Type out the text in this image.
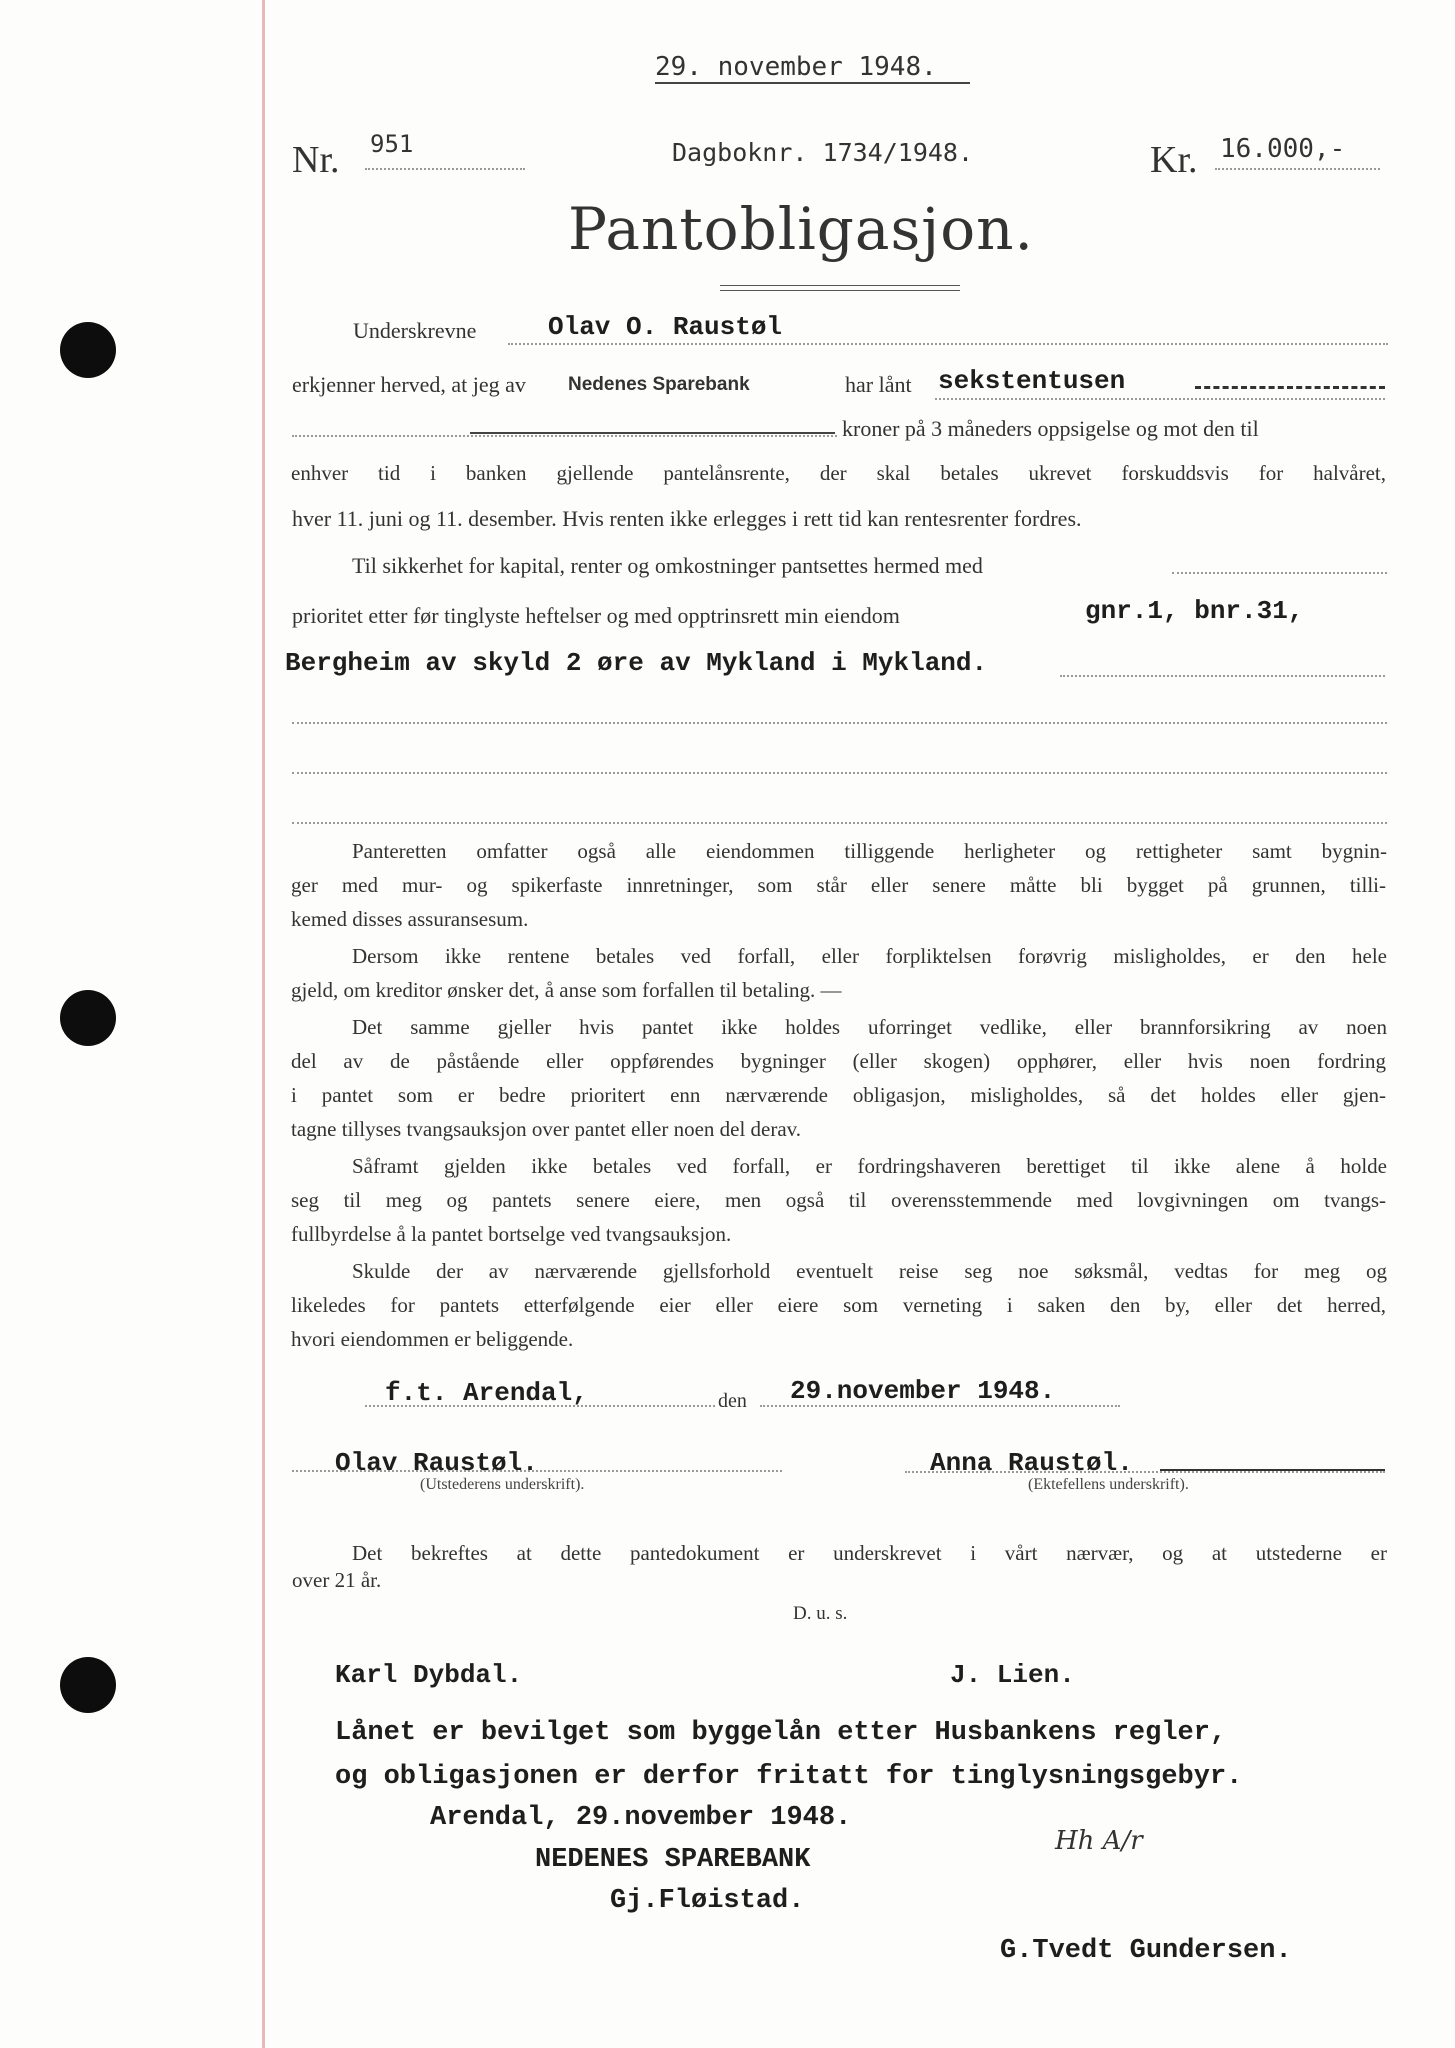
29. november 1948.
Nr. 951	Dagboknr. 1734/1948.	Kr. 16.000,-
Pantobligasjon.
Underskrevne	Olav O. Raustøl
erkjenner herved, at jeg av Nedenes Sparebank	har lånt sekstentusen
kroner på 3 måneders oppsigelse og mot den til
enhver tid i banken gjellende pantelånsrente, der skal betales ukrevet forskuddsvis for halvåret,
hver 11. juni og 11. desember. Hvis renten ikke erlegges i rett tid kan rentesrenter fordres.
Til sikkerhet for kapital, renter og omkostninger pantsettes hermed med
prioritet etter før tinglyste heftelser og med opptrinsrett min eiendom	gnr.1, bnr.31,
Bergheim av skyld 2 øre av Mykland i Mykland.
Panteretten omfatter også alle eiendommen tilliggende herligheter og rettigheter samt bygnin-
ger med mur- og spikerfaste innretninger, som står eller senere måtte bli bygget på grunnen, tilli-
kemed disses assuransesum.
Dersom ikke rentene betales ved forfall, eller forpliktelsen forøvrig misligholdes, er den hele
gjeld, om kreditor ønsker det, å anse som forfallen til betaling. —
Det samme gjeller hvis pantet ikke holdes uforringet vedlike, eller brannforsikring av noen
del av de påstående eller oppførendes bygninger (eller skogen) opphører, eller hvis noen fordring
i pantet som er bedre prioritert enn nærværende obligasjon, misligholdes, så det holdes eller gjen-
tagne tillyses tvangsauksjon over pantet eller noen del derav.
Såframt gjelden ikke betales ved forfall, er fordringshaveren berettiget til ikke alene å holde
seg til meg og pantets senere eiere, men også til overensstemmende med lovgivningen om tvangs-
fullbyrdelse å la pantet bortselge ved tvangsauksjon.
Skulde der av nærværende gjellsforhold eventuelt reise seg noe søksmål, vedtas for meg og
likeledes for pantets etterfølgende eier eller eiere som verneting i saken den by, eller det herred,
hvori eiendommen er beliggende.
f.t. Arendal,	den 29.november 1948.
Olav Raustøl.
(Utstederens underskrift).
Anna Raustøl.
(Ektefellens underskrift).
Det bekreftes at dette pantedokument er underskrevet i vårt nærvær, og at utstederne er
over 21 år.
D. u. s.
Karl Dybdal.	J. Lien.
Lånet er bevilget som byggelån etter Husbankens regler,
og obligasjonen er derfor fritatt for tinglysningsgebyr.
Arendal, 29.november 1948.
NEDENES SPAREBANK
Gj.Fløistad.
Hh A/r
G.Tvedt Gundersen.
